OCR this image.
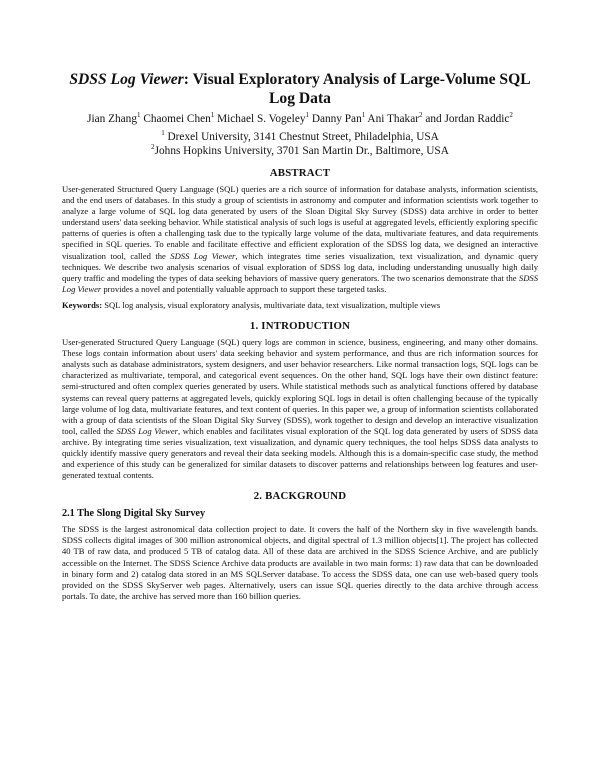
SDSS Log Viewer: Visual Exploratory Analysis of Large-Volume SQL Log Data
Jian Zhang$^1$ Chaomei Chen$^1$ Michael S. Vogeley$^1$ Danny Pan$^1$ Ani Thakar$^2$ and Jordan Raddic$^2$
$^1$ Drexel University, 3141 Chestnut Street, Philadelphia, USA
$^2$Johns Hopkins University, 3701 San Martin Dr., Baltimore, USA
ABSTRACT

User-generated Structured Query Language (SQL) queries are a rich source of information for database analysts, information scientists, and the end users of databases. In this study a group of scientists in astronomy and computer and information scientists work together to analyze a large volume of SQL log data generated by users of the Sloan Digital Sky Survey (SDSS) data archive in order to better understand users' data seeking behavior. While statistical analysis of such logs is useful at aggregated levels, efficiently exploring specific patterns of queries is often a challenging task due to the typically large volume of the data, multivariate features, and data requirements specified in SQL queries. To enable and facilitate effective and efficient exploration of the SDSS log data, we designed an interactive visualization tool, called the SDSS Log Viewer, which integrates time series visualization, text visualization, and dynamic query techniques. We describe two analysis scenarios of visual exploration of SDSS log data, including understanding unusually high daily query traffic and modeling the types of data seeking behaviors of massive query generators. The two scenarios demonstrate that the SDSS Log Viewer provides a novel and potentially valuable approach to support these targeted tasks.

Keywords: SQL log analysis, visual exploratory analysis, multivariate data, text visualization, multiple views
1. INTRODUCTION

User-generated Structured Query Language (SQL) query logs are common in science, business, engineering, and many other domains. These logs contain information about users' data seeking behavior and system performance, and thus are rich information sources for analysts such as database administrators, system designers, and user behavior researchers. Like normal transaction logs, SQL logs can be characterized as multivariate, temporal, and categorical event sequences. On the other hand, SQL logs have their own distinct feature: semi-structured and often complex queries generated by users. While statistical methods such as analytical functions offered by database systems can reveal query patterns at aggregated levels, quickly exploring SQL logs in detail is often challenging because of the typically large volume of log data, multivariate features, and text content of queries. In this paper we, a group of information scientists collaborated with a group of data scientists of the Sloan Digital Sky Survey (SDSS), work together to design and develop an interactive visualization tool, called the SDSS Log Viewer, which enables and facilitates visual exploration of the SQL log data generated by users of SDSS data archive. By integrating time series visualization, text visualization, and dynamic query techniques, the tool helps SDSS data analysts to quickly identify massive query generators and reveal their data seeking models. Although this is a domain-specific case study, the method and experience of this study can be generalized for similar datasets to discover patterns and relationships between log features and user-generated textual contents.

2. BACKGROUND
2.1 The Slong Digital Sky Survey

The SDSS is the largest astronomical data collection project to date. It covers the half of the Northern sky in five wavelength bands. SDSS collects digital images of 300 million astronomical objects, and digital spectral of 1.3 million objects[1]. The project has collected 40 TB of raw data, and produced 5 TB of catalog data. All of these data are archived in the SDSS Science Archive, and are publicly accessible on the Internet. The SDSS Science Archive data products are available in two main forms: 1) raw data that can be downloaded in binary form and 2) catalog data stored in an MS SQLServer database. To access the SDSS data, one can use web-based query tools provided on the SDSS SkyServer web pages. Alternatively, users can issue SQL queries directly to the data archive through access portals. To date, the archive has served more than 160 billion queries.
